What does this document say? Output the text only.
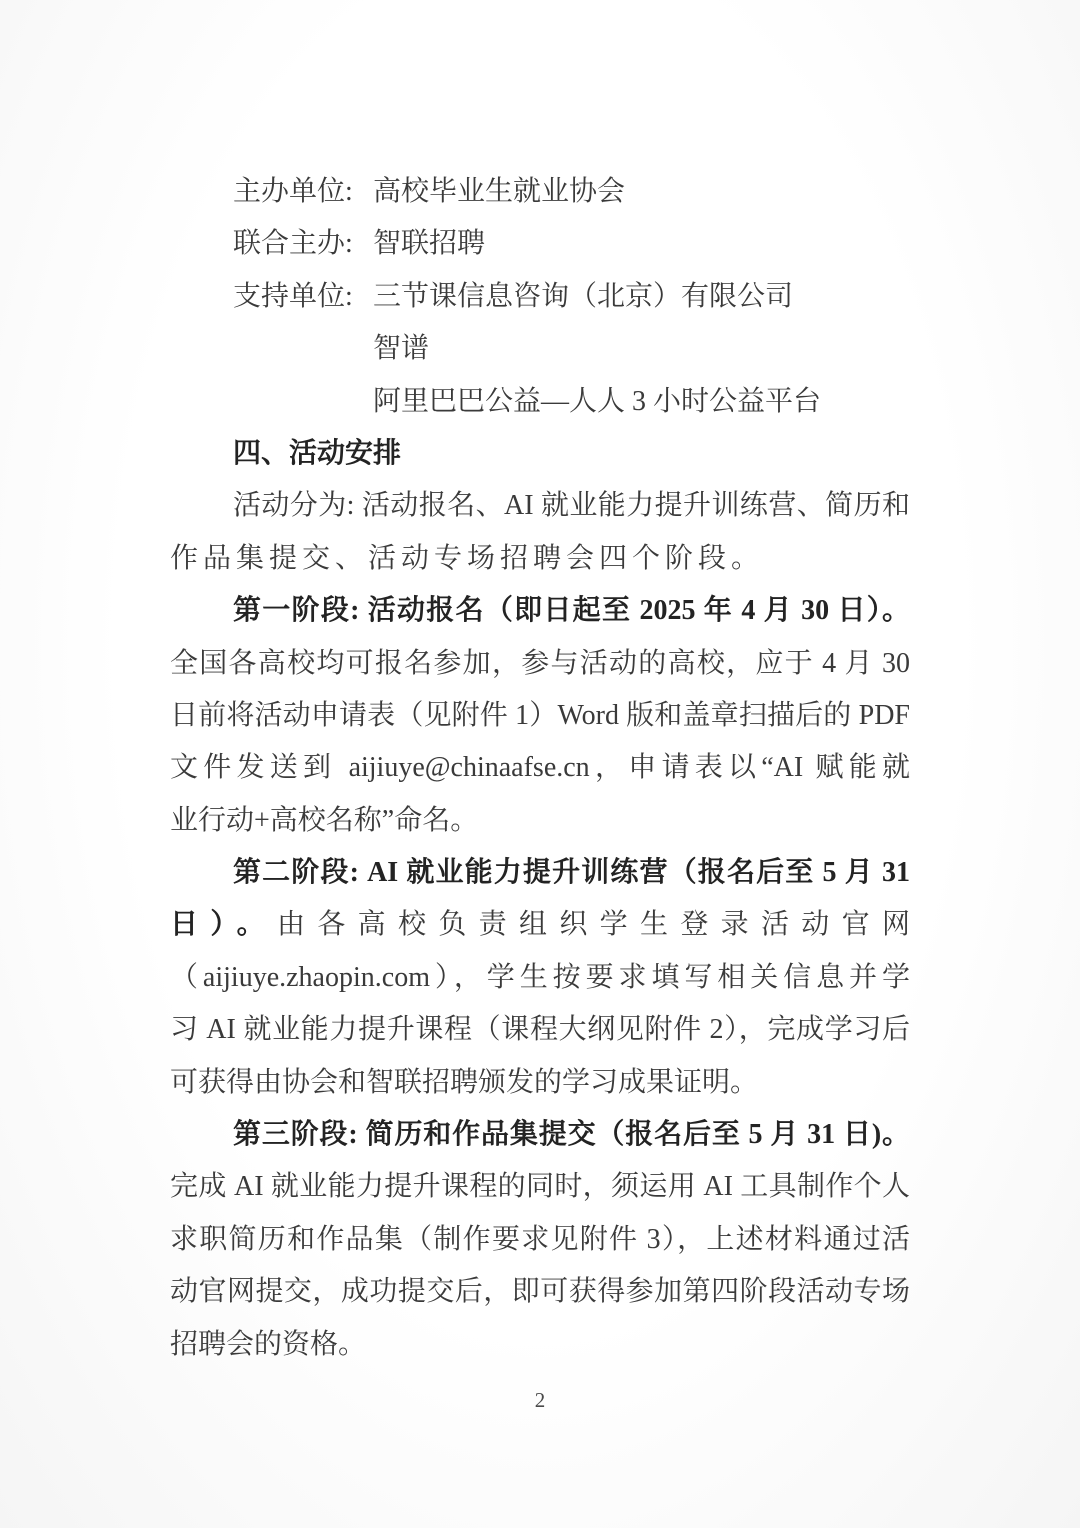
主办单位: 高校毕业生就业协会
联合主办: 智联招聘
支持单位: 三节课信息咨询（北京）有限公司
智谱
阿里巴巴公益—人人 3 小时公益平台
四、活动安排
活动分为: 活动报名、AI 就业能力提升训练营、简历和
作品集提交、活动专场招聘会四个阶段。
第一阶段: 活动报名（即日起至 2025 年 4 月 30 日）。
全国各高校均可报名参加，参与活动的高校，应于 4 月 30
日前将活动申请表（见附件 1）Word 版和盖章扫描后的 PDF
文件发送到 aijiuye@chinaafse.cn，申请表以“AI 赋能就
业行动+高校名称”命名。
第二阶段: AI 就业能力提升训练营（报名后至 5 月 31
日）。由各高校负责组织学生登录活动官网
（aijiuye.zhaopin.com），学生按要求填写相关信息并学
习 AI 就业能力提升课程（课程大纲见附件 2），完成学习后
可获得由协会和智联招聘颁发的学习成果证明。
第三阶段: 简历和作品集提交（报名后至 5 月 31 日)。
完成 AI 就业能力提升课程的同时，须运用 AI 工具制作个人
求职简历和作品集（制作要求见附件 3），上述材料通过活
动官网提交，成功提交后，即可获得参加第四阶段活动专场
招聘会的资格。
2
